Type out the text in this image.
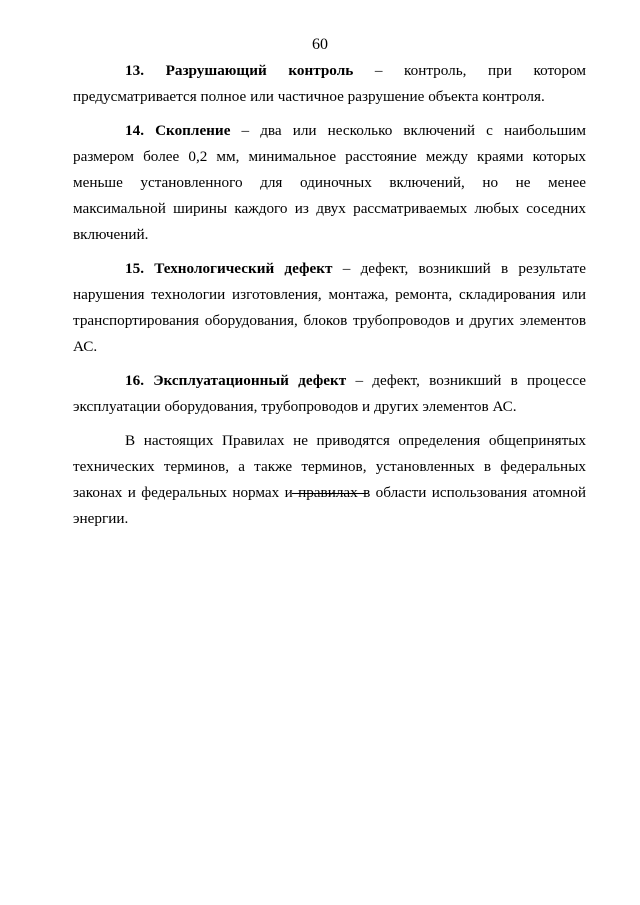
60

13. Разрушающий контроль – контроль, при котором предусматривается полное или частичное разрушение объекта контроля.

14. Скопление – два или несколько включений с наибольшим размером более 0,2 мм, минимальное расстояние между краями которых меньше установленного для одиночных включений, но не менее максимальной ширины каждого из двух рассматриваемых любых соседних включений.

15. Технологический дефект – дефект, возникший в результате нарушения технологии изготовления, монтажа, ремонта, складирования или транспортирования оборудования, блоков трубопроводов и других элементов АС.

16. Эксплуатационный дефект – дефект, возникший в процессе эксплуатации оборудования, трубопроводов и других элементов АС.

В настоящих Правилах не приводятся определения общепринятых технических терминов, а также терминов, установленных в федеральных законах и федеральных нормах и правилах в области использования атомной энергии.
